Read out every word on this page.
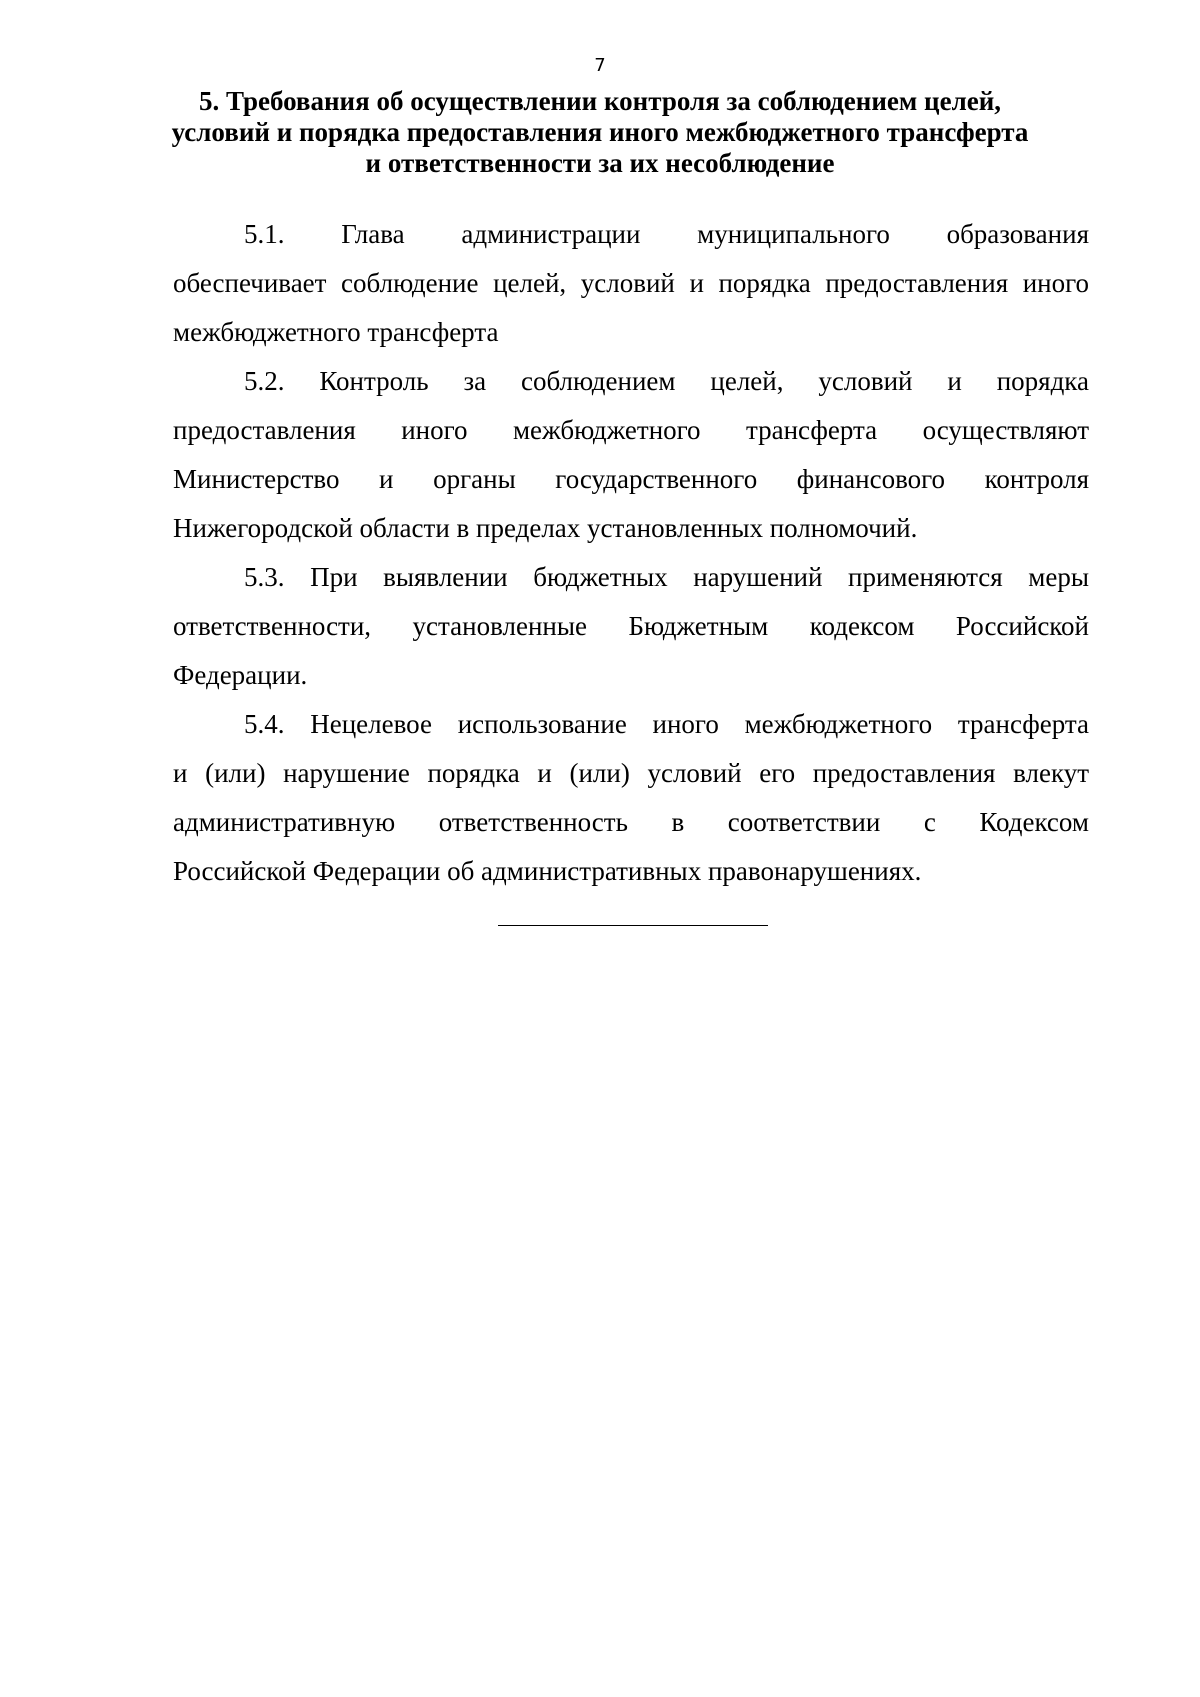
7
5. Требования об осуществлении контроля за соблюдением целей,
условий и порядка предоставления иного межбюджетного трансферта
и ответственности за их несоблюдение
5.1. Глава администрации муниципального образования
обеспечивает соблюдение целей, условий и порядка предоставления иного
межбюджетного трансферта
5.2. Контроль за соблюдением целей, условий и порядка
предоставления иного межбюджетного трансферта осуществляют
Министерство и органы государственного финансового контроля
Нижегородской области в пределах установленных полномочий.
5.3. При выявлении бюджетных нарушений применяются меры
ответственности, установленные Бюджетным кодексом Российской
Федерации.
5.4. Нецелевое использование иного межбюджетного трансферта
и (или) нарушение порядка и (или) условий его предоставления влекут
административную ответственность в соответствии с Кодексом
Российской Федерации об административных правонарушениях.
